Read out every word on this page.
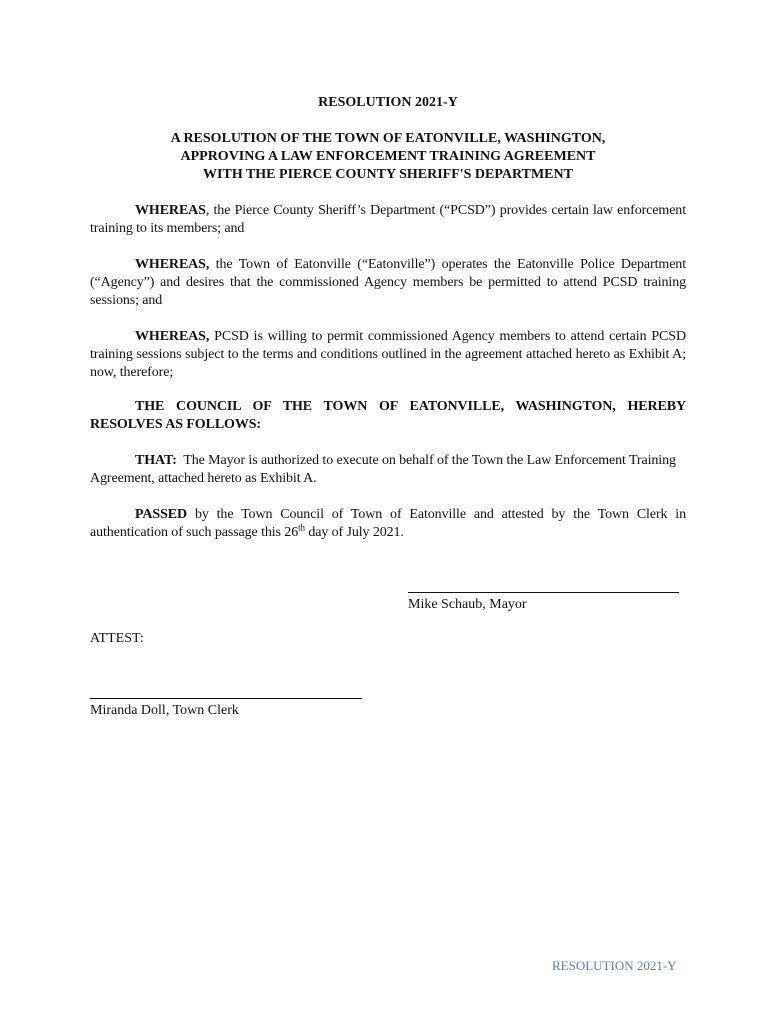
RESOLUTION 2021-Y

A RESOLUTION OF THE TOWN OF EATONVILLE, WASHINGTON,

APPROVING A LAW ENFORCEMENT TRAINING AGREEMENT

WITH THE PIERCE COUNTY SHERIFF'S DEPARTMENT

WHEREAS, the Pierce County Sheriff’s Department (“PCSD”) provides certain law enforcement training to its members; and

WHEREAS, the Town of Eatonville (“Eatonville”) operates the Eatonville Police Department (“Agency”) and desires that the commissioned Agency members be permitted to attend PCSD training sessions; and

WHEREAS, PCSD is willing to permit commissioned Agency members to attend certain PCSD training sessions subject to the terms and conditions outlined in the agreement attached hereto as Exhibit A; now, therefore;

THE COUNCIL OF THE TOWN OF EATONVILLE, WASHINGTON, HEREBY RESOLVES AS FOLLOWS:

THAT:  The Mayor is authorized to execute on behalf of the Town the Law Enforcement Training Agreement, attached hereto as Exhibit A.

PASSED by the Town Council of Town of Eatonville and attested by the Town Clerk in authentication of such passage this 26th day of July 2021.

Mike Schaub, Mayor

ATTEST:

Miranda Doll, Town Clerk

RESOLUTION 2021-Y
